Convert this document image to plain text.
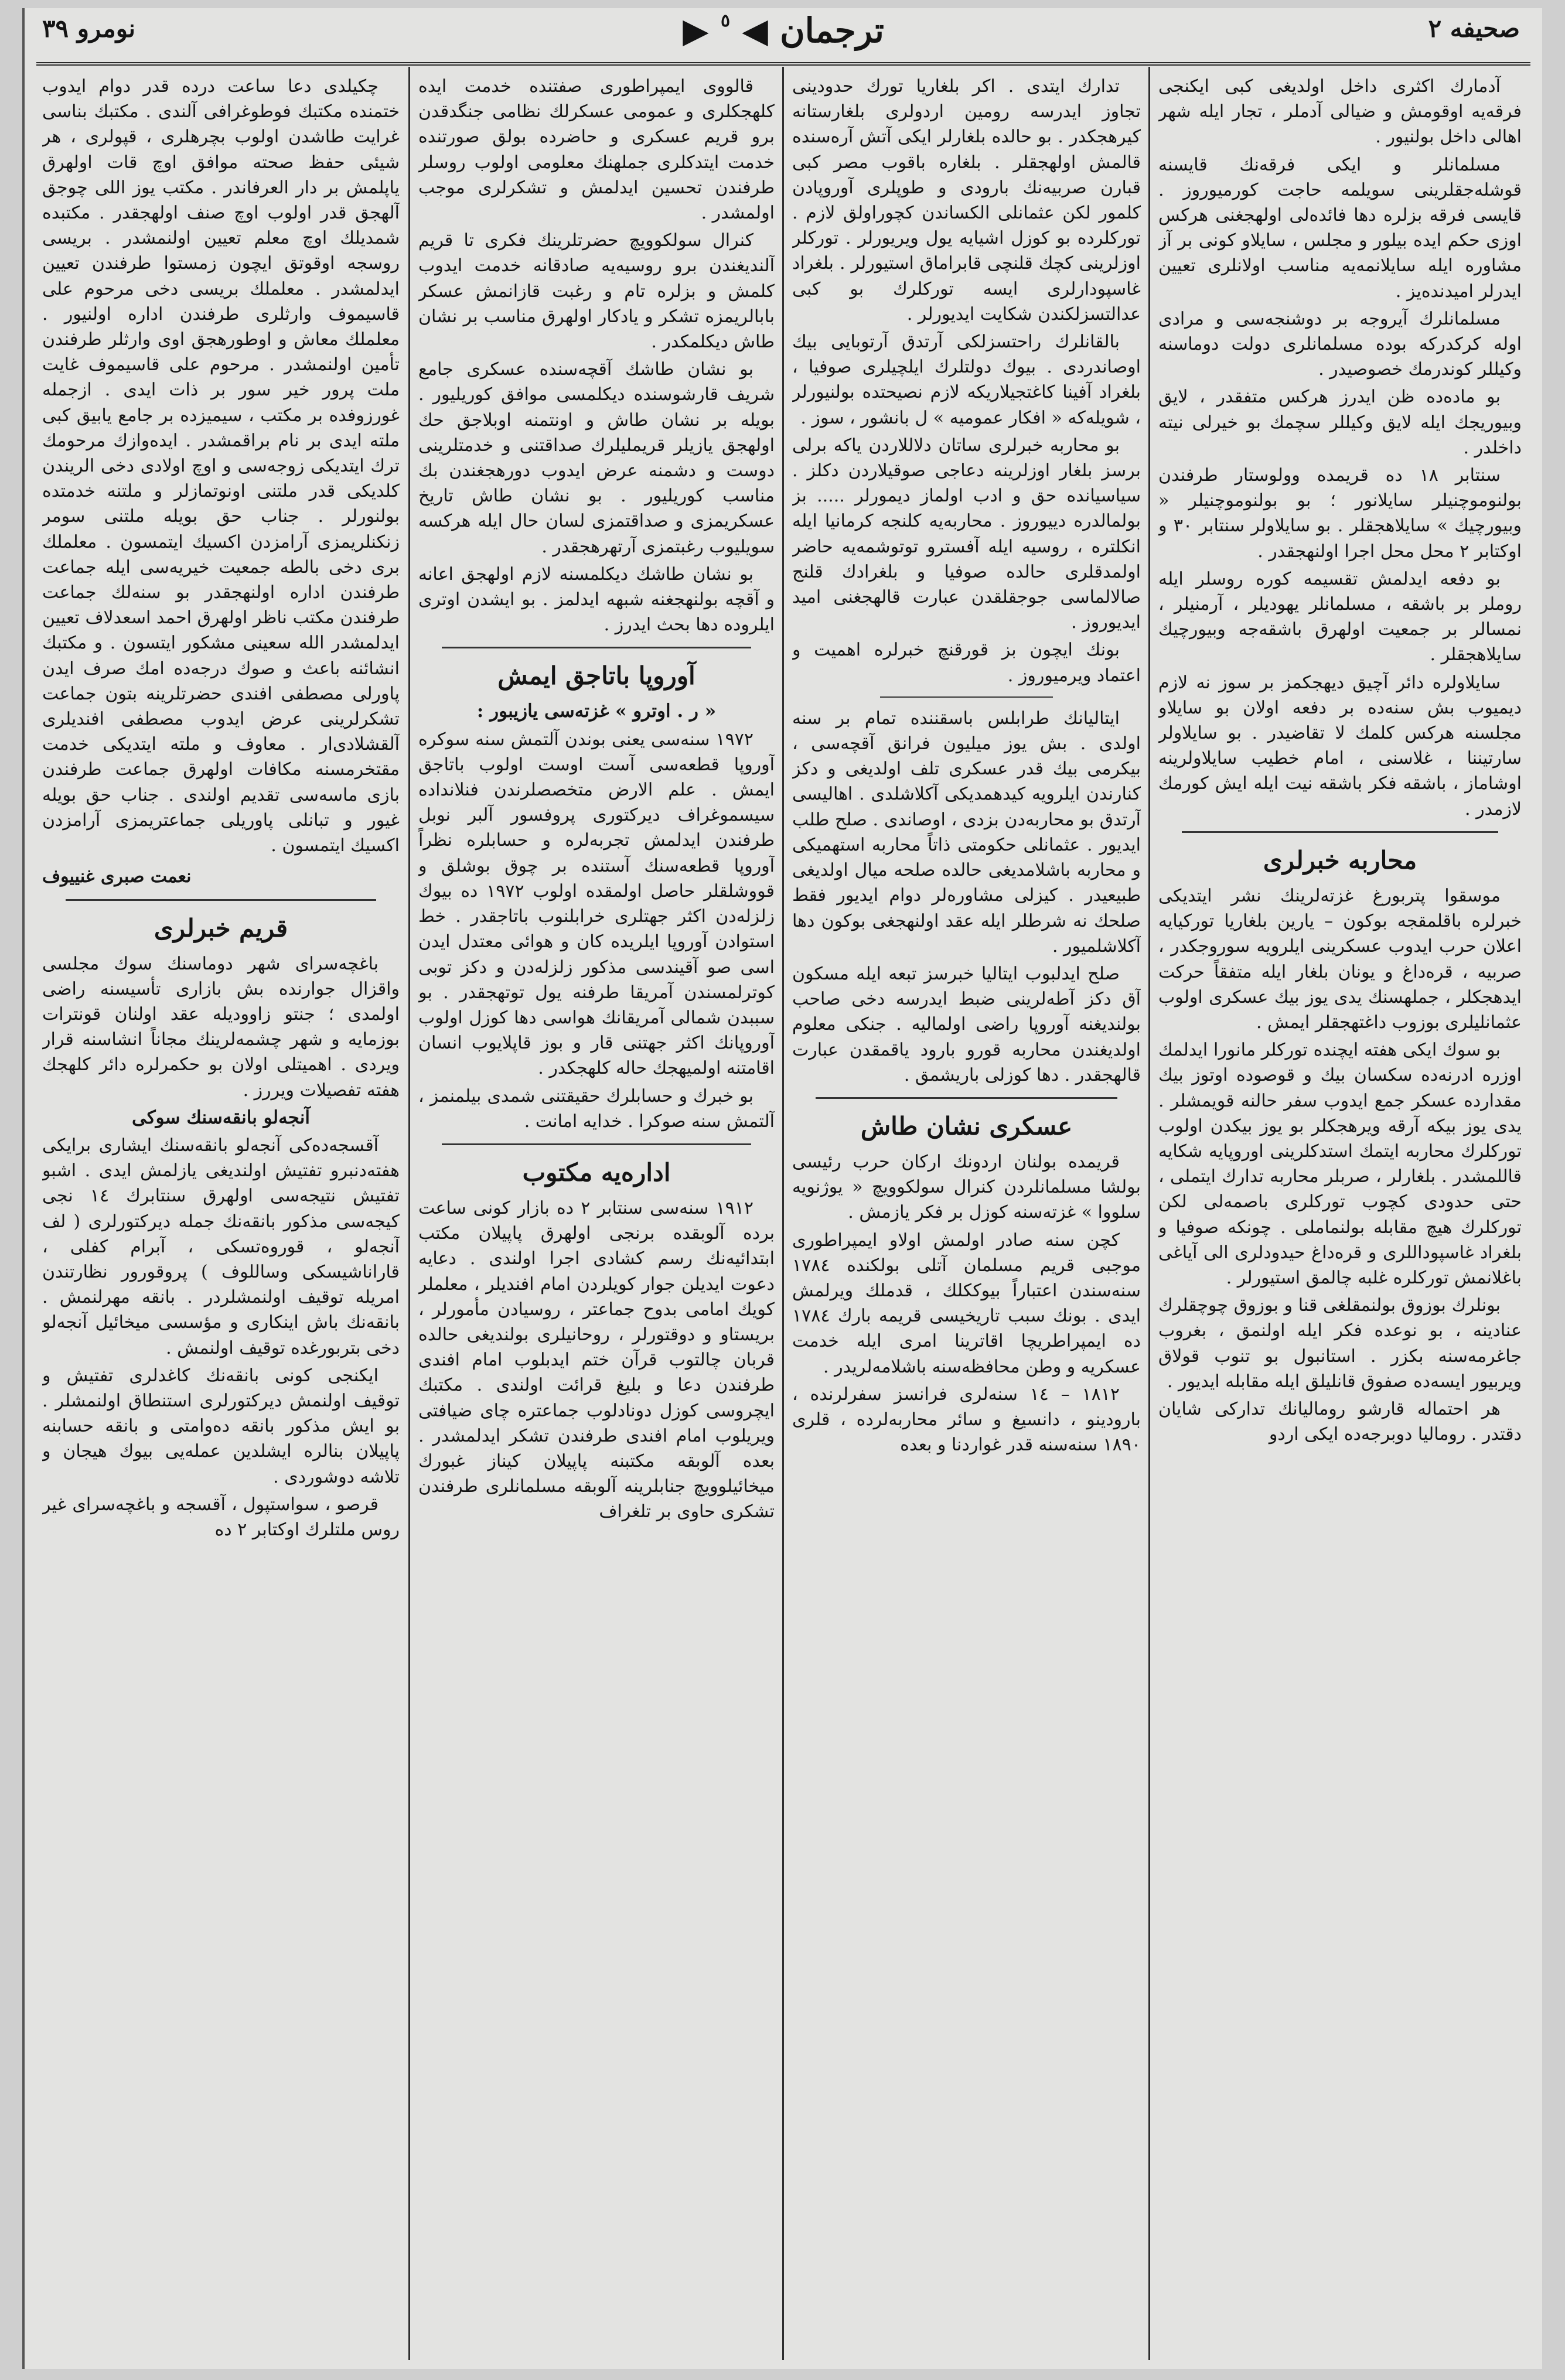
نومرو ٣٩	▶ ترجمان ◀ $^٥$	صحيفه ٢

آدمارك اكثرى داخل اولديغى كبى ايكنجى فرقه‌يه اوقومش و ضيالى آدملر ، تجار ايله شهر اهالى داخل بولنيور .

مسلمانلر و ايكى فرقه‌نك قايسنه قوشله‌جقلرينى سويلمه حاجت كورميوروز . قايسى فرقه بزلره دها فائده‌لى اولهجغنى هركس اوزى حكم ايده بيلور و مجلس ، سايلاو كونى بر آز مشاوره ايله سايلانمه‌يه مناسب اولانلرى تعيين ايدرلر اميدنده‌يز .

مسلمانلرك آيروجه بر دوشنجه‌سى و مرادى اوله كركدركه بوده مسلمانلرى دولت دوماسنه وكيللر كوندرمك خصوصيدر .

بو ماده‌ده ظن ايدرز هركس متفقدر ، لايق وبيوريجك ايله لايق وكيللر سچمك بو خيرلى نيته داخلدر .

سنتابر ١٨ ده قريمده وولوستار طرفندن بولنوموچنيلر سايلانور ؛ بو بولنوموچنيلر « وبيورچيك » سايلاهجقلر . بو سايلاولر سنتابر ٣٠ و اوكتابر ٢ محل محل اجرا اولنهجقدر .

بو دفعه ايدلمش تقسيمه كوره روسلر ايله روملر بر باشقه ، مسلمانلر يهوديلر ، آرمنيلر ، نمسالر بر جمعيت اولهرق باشقه‌جه وبيورچيك سايلاهجقلر .

سايلاولره دائر آچيق ديهجكمز بر سوز نه لازم ديميوب بش سنه‌ده بر دفعه اولان بو سايلاو مجلسنه هركس كلمك لا تقاضيدر . بو سايلاولر سارتيننا ، غلاسنى ، امام خطيب سايلاولرينه اوشاماز ، باشقه فكر باشقه نيت ايله ايش كورمك لازمدر .

محاربه خبرلرى

موسقوا پتربورغ غزته‌لرينك نشر ايتديكى خبرلره باقلمقجه بوكون – يارين بلغاريا توركيايه اعلان حرب ايدوب عسكرينى ايلرويه سوروجكدر ، صربيه ، قره‌داغ و يونان بلغار ايله متفقاً حركت ايدهجكلر ، جملهسنك يدى يوز بيك عسكرى اولوب عثمانليلرى بوزوب داغتهجقلر ايمش .

بو سوك ايكى هفته ايچنده توركلر مانورا ايدلمك اوزره ادرنه‌ده سكسان بيك و قوصوده اوتوز بيك مقدارده عسكر جمع ايدوب سفر حالنه قويمشلر . يدى يوز بيكه آرقه ويرهجكلر بو يوز بيكدن اولوب توركلرك محاربه ايتمك استدكلرينى اوروپايه شكايه قاللمشدر . بلغارلر ، صربلر محاربه تدارك ايتملى ، حتى حدودى كچوب توركلرى باصمه‌لى لكن توركلرك هيچ مقابله بولنماملى . چونكه صوفيا و بلغراد غاسپوداللرى و قره‌داغ حيدودلرى الى آياغى باغلانمش توركلره غلبه چالمق استيورلر .

بونلرك بوزوق بولنمقلغى قنا و بوزوق چوچقلرك عنادينه ، بو نوعده فكر ايله اولنمق ، بغروب جاغرمه‌سنه بكزر . استانبول بو تنوب قولاق ويربيور ايسه‌ده صفوق قانليلق ايله مقابله ايديور .

هر احتماله قارشو روماليانك تداركى شايان دقتدر . روماليا دوبرجه‌ده ايكى اردو

تدارك ايتدى . اكر بلغاريا تورك حدودينى تجاوز ايدرسه رومين اردولرى بلغارستانه كيرهجكدر . بو حالده بلغارلر ايكى آتش آره‌سنده قالمش اولهجقلر . بلغاره باقوب مصر كبى قبارن صربيه‌نك بارودى و طوپلرى آوروپادن كلمور لكن عثمانلى الكساندن كچوراولق لازم . توركلرده بو كوزل اشيايه يول ويريورلر . توركلر اوزلرينى كچك قلنچى قابراماق استيورلر . بلغراد غاسپودارلرى ايسه توركلرك بو كبى عدالتسزلكندن شكايت ايديورلر .

بالقانلرك راحتسزلكى آرتدق آرتوبايى بيك اوصاندردى . بيوك دولتلرك ايلچيلرى صوفيا ، بلغراد آفينا كاغتجيلاريكه لازم نصيحتده بولنيورلر ، شويله‌كه « افكار عموميه » ل بانشور ، سوز .

بو محاربه خبرلرى ساتان دلاللاردن ياكه برلى برسز بلغار اوزلرينه دعاجى صوقيلاردن دكلز . سياسيانده حق و ادب اولماز ديمورلر ..... بز بولمالدره دييوروز . محاربه‌يه كلنجه كرمانيا ايله انكلتره ، روسيه ايله آفسترو توتوشمه‌يه حاضر اولمدقلرى حالده صوفيا و بلغرادك قلنج صالالماسى جوجقلقدن عبارت قالهجغنى اميد ايديوروز .

بونك ايچون بز قورقنچ خبرلره اهميت و اعتماد ويرميوروز .

ايتاليانك طرابلس باسقننده تمام بر سنه اولدى . بش يوز ميليون فرانق آقچه‌سى ، بيكرمى بيك قدر عسكرى تلف اولديغى و دكز كنارندن ايلرويه كيدهمديكى آكلاشلدى . اهاليسى آرتدق بو محاربه‌دن بزدى ، اوصاندى . صلح طلب ايديور . عثمانلى حكومتى ذاتاً محاربه استهميكى و محاربه باشلامديغى حالده صلحه ميال اولديغى طبيعيدر . كيزلى مشاوره‌لر دوام ايديور فقط صلحك نه شرطلر ايله عقد اولنهجغى بوكون دها آكلاشلميور .

صلح ايدلبوب ايتاليا خبرسز تبعه ايله مسكون آق دكز آطه‌لرينى ضبط ايدرسه دخى صاحب بولنديغنه آوروپا راضى اولماليه . جنكى معلوم اولديغندن محاربه قورو بارود ياقمقدن عبارت قالهجقدر . دها كوزلى باريشمق .

عسكرى نشان طاش

قريمده بولنان اردونك اركان حرب رئيسى بولشا مسلمانلردن كنرال سولكوويچ « يوژنويه سلووا » غزته‌سنه كوزل بر فكر يازمش .

كچن سنه صادر اولمش اولاو ايمپراطورى موجبى قريم مسلمان آتلى بولكنده ١٧٨٤ سنه‌سندن اعتباراً بيوككلك ، قدملك ويرلمش ايدى . بونك سبب تاريخيسى قريمه بارك ١٧٨٤ ده ايمپراطريچا اقاترينا امرى ايله خدمت عسكريه و وطن محافظه‌سنه باشلامه‌لريدر .

١٨١٢ – ١٤ سنه‌لرى فرانسز سفرلرنده ، بارودينو ، دانسيغ و سائر محاربه‌لرده ، قلرى ١٨٩٠ سنه‌سنه قدر غواردنا و بعده

قالووى ايمپراطورى صفتنده خدمت ايده كلهجكلرى و عمومى عسكرلك نظامى جنگدقدن برو قريم عسكرى و حاضرده بولق صورتنده خدمت ايتدكلرى جملهنك معلومى اولوب روسلر طرفندن تحسين ايدلمش و تشكرلرى موجب اولمشدر .

كنرال سولكوويچ حضرتلرينك فكرى تا قريم آلنديغندن برو روسيه‌يه صادقانه خدمت ايدوب كلمش و بزلره تام و رغبت قازانمش عسكر بابالريمزه تشكر و يادكار اولهرق مناسب بر نشان طاش ديكلمكدر .

بو نشان طاشك آقچه‌سنده عسكرى جامع شريف قارشوسنده ديكلمسى موافق كوريليور . بويله بر نشان طاش و اونتمنه اوبلاجق حك اولهجق يازيلر قريمليلرك صداقتنى و خدمتلرينى دوست و دشمنه عرض ايدوب دورهجغندن بك مناسب كوريليور . بو نشان طاش تاريخ عسكريمزى و صداقتمزى لسان حال ايله هركسه سويليوب رغبتمزى آرتهرهجقدر .

بو نشان طاشك ديكلمسنه لازم اولهجق اعانه و آقچه بولنهجغنه شبهه ايدلمز . بو ايشدن اوترى ايلروده دها بحث ايدرز .

آوروپا باتاجق ايمش
« ر . اوترو » غزته‌سى يازيبور :

١٩٧٢ سنه‌سى يعنى بوندن آلتمش سنه سوكره آوروپا قطعه‌سى آست اوست اولوب باتاجق ايمش . علم الارض متخصصلرندن فنلانداده سيسموغراف ديركتورى پروفسور آلبر نوبل طرفندن ايدلمش تجربه‌لره و حسابلره نظراً آوروپا قطعه‌سنك آستنده بر چوق بوشلق و قووشلقلر حاصل اولمقده اولوب ١٩٧٢ ده بيوك زلزله‌دن اكثر جهتلرى خرابلنوب باتاجقدر . خط استوادن آوروپا ايلريده كان و هوائى معتدل ايدن اسى صو آقيندسى مذكور زلزله‌دن و دكز توبى كوترلمسندن آمريقا طرفنه يول توتهجقدر . بو سببدن شمالى آمريقانك هواسى دها كوزل اولوب آوروپانك اكثر جهتنى قار و بوز قاپلايوب انسان اقامتنه اولميهجك حاله كلهجكدر .

بو خبرك و حسابلرك حقيقتنى شمدى بيلمنمز ، آلتمش سنه صوكرا . خدايه امانت .

اداره‌يه مكتوب

١٩١٢ سنه‌سى سنتابر ٢ ده بازار كونى ساعت برده آلوبقده برنجى اولهرق پاپيلان مكتب ابتدائيه‌نك رسم كشادى اجرا اولندى . دعايه دعوت ايديلن جوار كويلردن امام افنديلر ، معلملر كويك امامى بدوح جماعتر ، روسيادن مأمورلر ، بريستاو و دوقتورلر ، روحانيلرى بولنديغى حالده قربان چالتوب قرآن ختم ايدبلوب امام افندى طرفندن دعا و بليغ قرائت اولندى . مكتبك ايچروسى كوزل دونادلوب جماعتره چاى ضيافتى ويريلوب امام افندى طرفندن تشكر ايدلمشدر . بعده آلوبقه مكتبنه پاپيلان كيناز غبورك ميخائيلوويچ جنابلرينه آلوبقه مسلمانلرى طرفندن تشكرى حاوى بر تلغراف

چكيلدى دعا ساعت درده قدر دوام ايدوب ختمنده مكتبك فوطوغرافى آلندى . مكتبك بناسى غرايت طاشدن اولوب بچرهلرى ، قپولرى ، هر شيئى حفظ صحته موافق اوچ قات اولهرق ياپلمش بر دار العرفاندر . مكتب يوز اللى چوجق آلهجق قدر اولوب اوچ صنف اولهجقدر . مكتبده شمديلك اوچ معلم تعيين اولنمشدر . بريسى روسجه اوقوتق ايچون زمستوا طرفندن تعيين ايدلمشدر . معلملك بريسى دخى مرحوم على قاسيموف وارثلرى طرفندن اداره اولنيور . معلملك معاش و اوطورهجق اوى وارثلر طرفندن تأمين اولنمشدر . مرحوم على قاسيموف غايت ملت پرور خير سور بر ذات ايدى . ازجمله غورزوفده بر مكتب ، سيميزده بر جامع يابيق كبى ملته ايدى بر نام براقمشدر . ايده‌وازك مرحومك ترك ايتديكى زوجه‌سى و اوچ اولادى دخى الريندن كلديكى قدر ملتنى اونوتمازلر و ملتنه خدمتده بولنورلر . جناب حق بويله ملتنى سومر زنكنلريمزى آرامزدن اكسيك ايتمسون . معلملك برى دخى بالطه جمعيت خيريه‌سى ايله جماعت طرفندن اداره اولنهجقدر بو سنه‌لك جماعت طرفندن مكتب ناظر اولهرق احمد اسعدلاف تعيين ايدلمشدر الله سعينى مشكور ايتسون . و مكتبك انشائنه باعث و صوك درجه‌ده امك صرف ايدن پاورلى مصطفى افندى حضرتلرينه بتون جماعت تشكرلرينى عرض ايدوب مصطفى افنديلرى آلقشلادى‌ار . معاوف و ملته ايتديكى خدمت مقتخرمسنه مكافات اولهرق جماعت طرفندن بازى ماسه‌سى تقديم اولندى . جناب حق بويله غيور و تبانلى پاوريلى جماعتريمزى آرامزدن اكسيك ايتمسون .

نعمت صبرى غنييوف
قريم خبرلرى

باغچه‌سراى شهر دوماسنك سوك مجلسى واقزال جوارنده بش بازارى تأسيسنه راضى اولمدى ؛ جنتو زاووديله عقد اولنان قونترات بوزمايه و شهر چشمه‌لرينك مجاناً انشاسنه قرار ويردى . اهميتلى اولان بو حكمرلره دائر كلهجك هفته تفصيلات ويررز .

آنجه‌لو بانقه‌سنك سوكى

آقسجه‌ده‌كى آنجه‌لو بانقه‌سنك ايشارى برايكى هفته‌دنبرو تفتيش اولنديغى يازلمش ايدى . اشبو تفتيش نتيجه‌سى اولهرق سنتابرك ١٤ نجى كيجه‌سى مذكور بانقه‌نك جمله ديركتورلرى ( لف آنجه‌لو ، قوروه‌تسكى ، آبرام كفلى ، قاراناشيسكى وساللوف ) پروقورور نظارتندن امريله توقيف اولنمشلردر . بانقه مهرلنمش . بانقه‌نك باش اينكارى و مؤسسى ميخائيل آنجه‌لو دخى بتربورغده توقيف اولنمش .

ايكنجى كونى بانقه‌نك كاغدلرى تفتيش و توقيف اولنمش ديركتورلرى استنطاق اولنمشلر . بو ايش مذكور بانقه ده‌وامتى و بانقه حسابنه پاپيلان بنالره ايشلدين عمله‌يى بيوك هيجان و تلاشه دوشوردى .

قرصو ، سواستپول ، آقسجه و باغچه‌سراى غير روس ملتلرك اوكتابر ٢ ده
